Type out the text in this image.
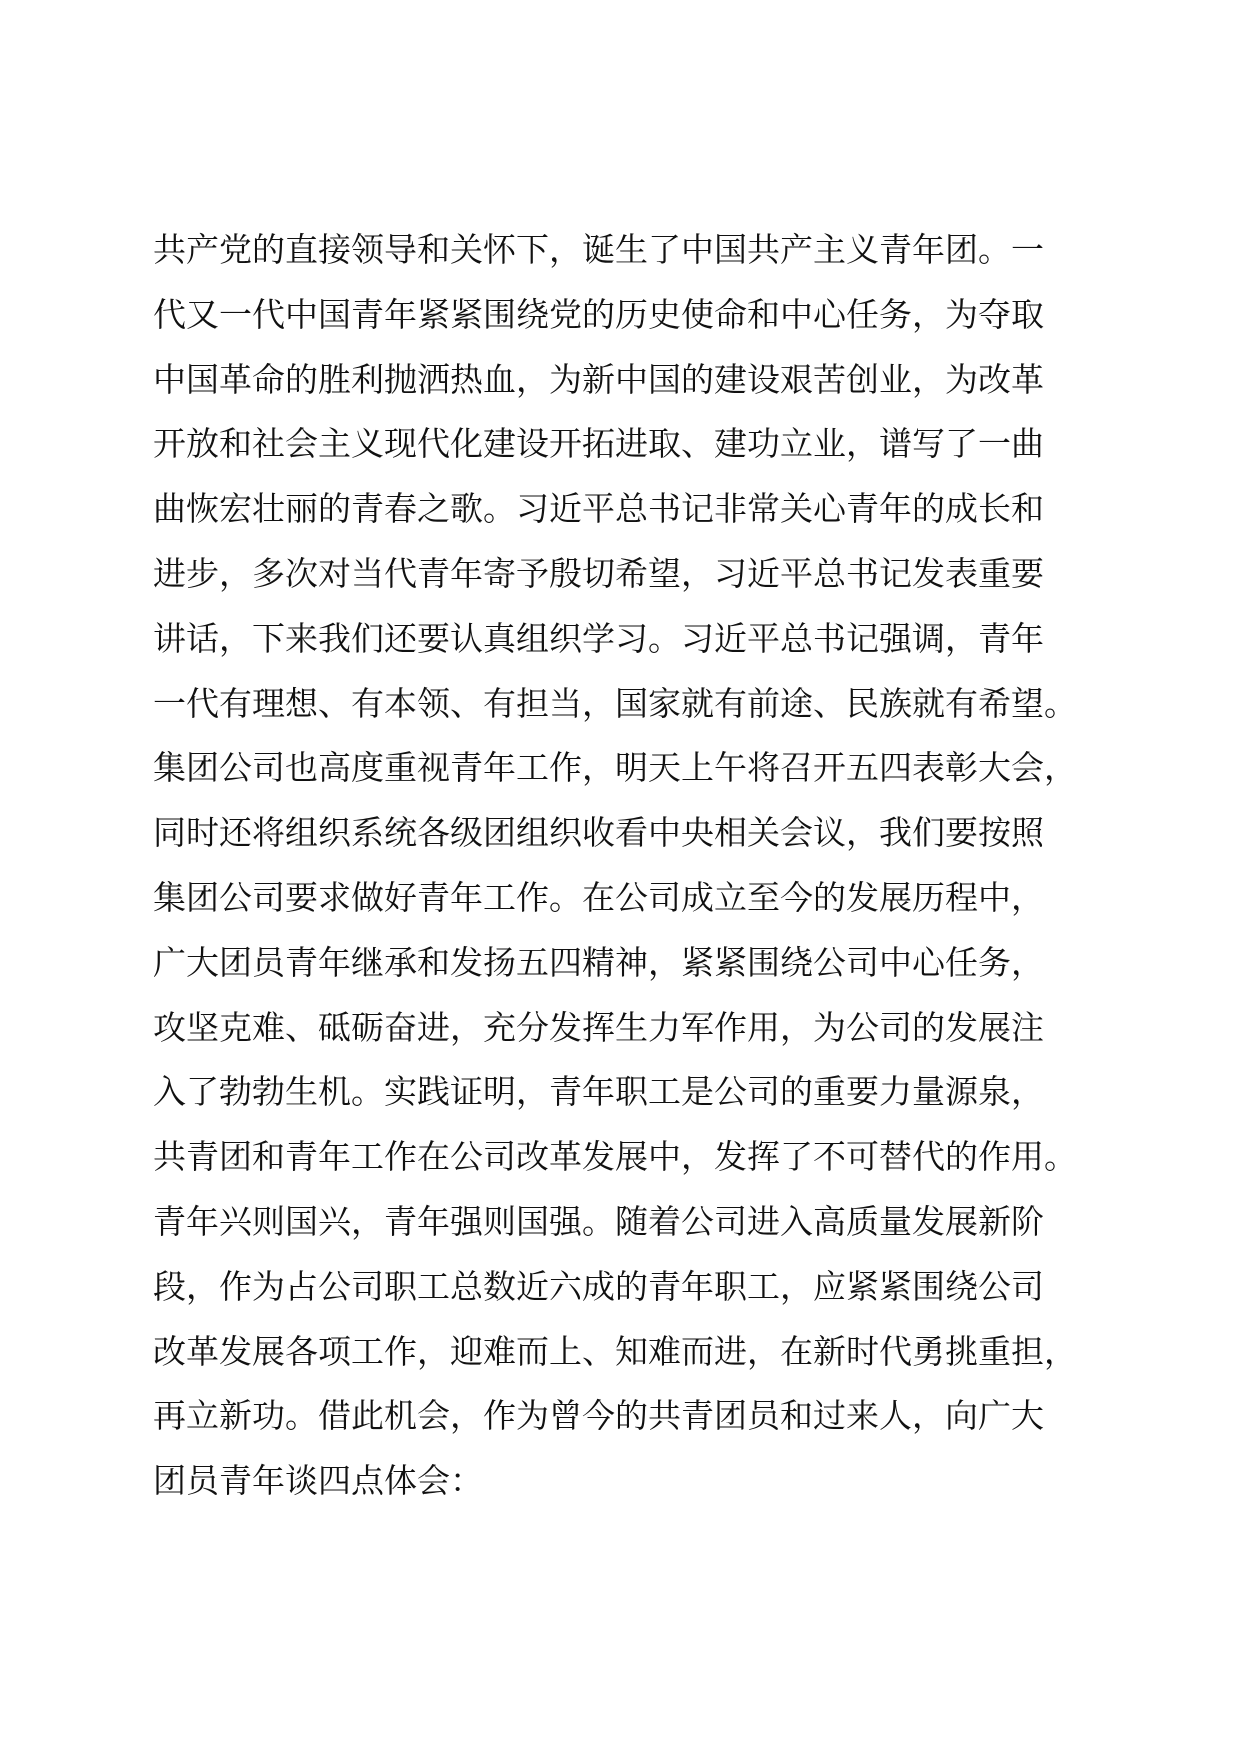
共产党的直接领导和关怀下，诞生了中国共产主义青年团。一
代又一代中国青年紧紧围绕党的历史使命和中心任务，为夺取
中国革命的胜利抛洒热血，为新中国的建设艰苦创业，为改革
开放和社会主义现代化建设开拓进取、建功立业，谱写了一曲
曲恢宏壮丽的青春之歌。习近平总书记非常关心青年的成长和
进步，多次对当代青年寄予殷切希望，习近平总书记发表重要
讲话，下来我们还要认真组织学习。习近平总书记强调，青年
一代有理想、有本领、有担当，国家就有前途、民族就有希望。
集团公司也高度重视青年工作，明天上午将召开五四表彰大会，
同时还将组织系统各级团组织收看中央相关会议，我们要按照
集团公司要求做好青年工作。在公司成立至今的发展历程中，
广大团员青年继承和发扬五四精神，紧紧围绕公司中心任务，
攻坚克难、砥砺奋进，充分发挥生力军作用，为公司的发展注
入了勃勃生机。实践证明，青年职工是公司的重要力量源泉，
共青团和青年工作在公司改革发展中，发挥了不可替代的作用。
青年兴则国兴，青年强则国强。随着公司进入高质量发展新阶
段，作为占公司职工总数近六成的青年职工，应紧紧围绕公司
改革发展各项工作，迎难而上、知难而进，在新时代勇挑重担，
再立新功。借此机会，作为曾今的共青团员和过来人，向广大
团员青年谈四点体会：
